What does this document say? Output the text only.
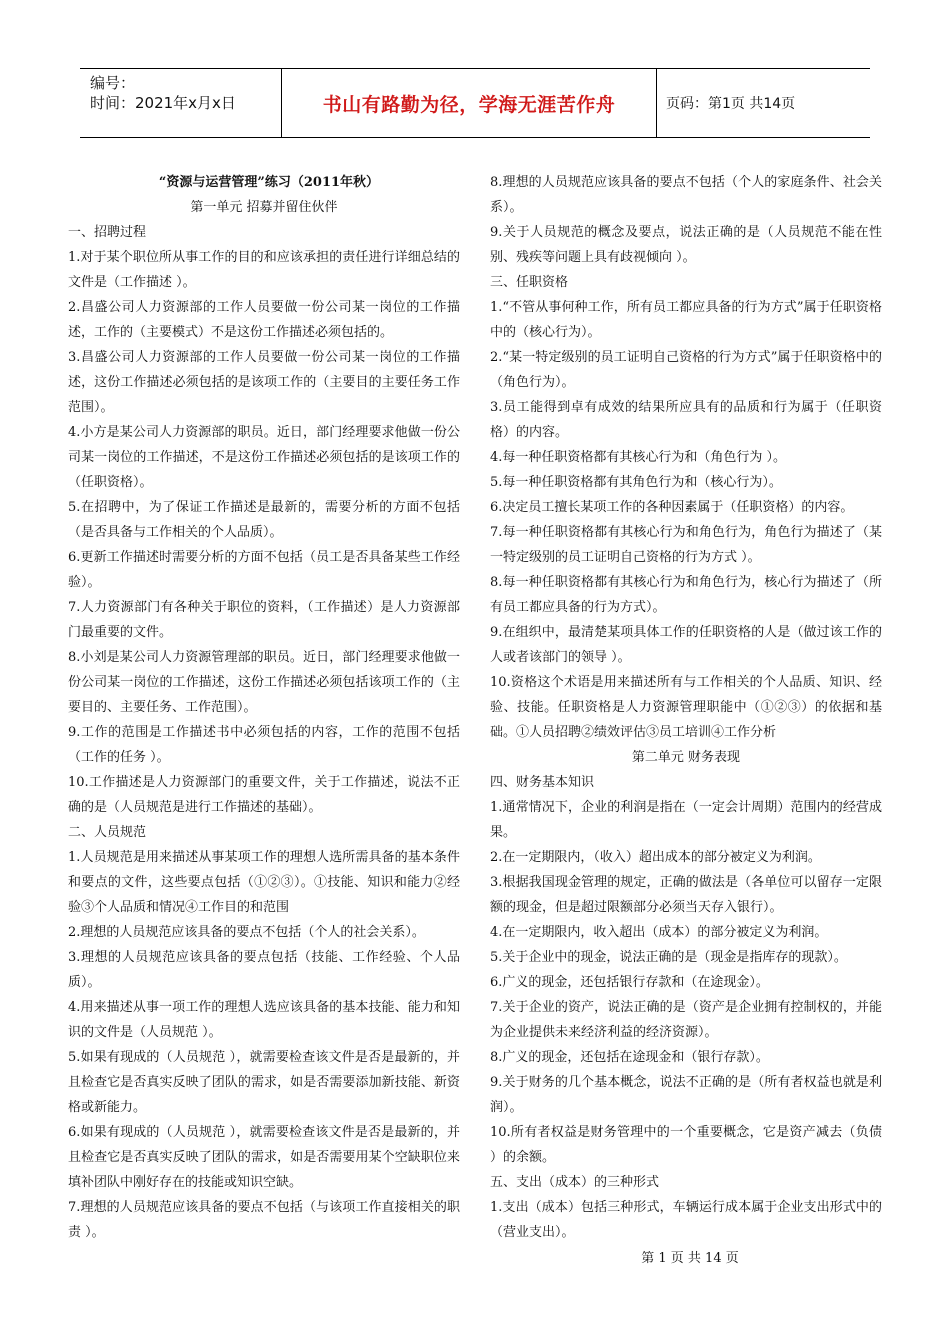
编号：
时间：2021年x月x日	书山有路勤为径，学海无涯苦作舟	页码：第1页 共14页

“资源与运营管理”练习（2011年秋）

第一单元 招募并留住伙伴

一、招聘过程

1.对于某个职位所从事工作的目的和应该承担的责任进行详细总结的文件是（工作描述 ）。

2.昌盛公司人力资源部的工作人员要做一份公司某一岗位的工作描述，工作的（主要模式）不是这份工作描述必须包括的。

3.昌盛公司人力资源部的工作人员要做一份公司某一岗位的工作描述，这份工作描述必须包括的是该项工作的（主要目的主要任务工作范围）。

4.小方是某公司人力资源部的职员。近日，部门经理要求他做一份公司某一岗位的工作描述，不是这份工作描述必须包括的是该项工作的（任职资格）。

5.在招聘中，为了保证工作描述是最新的，需要分析的方面不包括（是否具备与工作相关的个人品质）。

6.更新工作描述时需要分析的方面不包括（员工是否具备某些工作经验）。

7.人力资源部门有各种关于职位的资料，（工作描述）是人力资源部门最重要的文件。

8.小刘是某公司人力资源管理部的职员。近日，部门经理要求他做一份公司某一岗位的工作描述，这份工作描述必须包括该项工作的（主要目的、主要任务、工作范围）。

9.工作的范围是工作描述书中必须包括的内容，工作的范围不包括（工作的任务 ）。

10.工作描述是人力资源部门的重要文件，关于工作描述，说法不正确的是（人员规范是进行工作描述的基础）。

二、人员规范

1.人员规范是用来描述从事某项工作的理想人选所需具备的基本条件和要点的文件，这些要点包括（①②③）。①技能、知识和能力②经验③个人品质和情况④工作目的和范围

2.理想的人员规范应该具备的要点不包括（个人的社会关系）。

3.理想的人员规范应该具备的要点包括（技能、工作经验、个人品质）。

4.用来描述从事一项工作的理想人选应该具备的基本技能、能力和知识的文件是（人员规范 ）。

5.如果有现成的（人员规范 ），就需要检查该文件是否是最新的，并且检查它是否真实反映了团队的需求，如是否需要添加新技能、新资格或新能力。

6.如果有现成的（人员规范 ），就需要检查该文件是否是最新的，并且检查它是否真实反映了团队的需求，如是否需要用某个空缺职位来填补团队中刚好存在的技能或知识空缺。

7.理想的人员规范应该具备的要点不包括（与该项工作直接相关的职责 ）。

8.理想的人员规范应该具备的要点不包括（个人的家庭条件、社会关系）。

9.关于人员规范的概念及要点，说法正确的是（人员规范不能在性别、残疾等问题上具有歧视倾向 ）。

三、任职资格

1.“不管从事何种工作，所有员工都应具备的行为方式”属于任职资格中的（核心行为）。

2.“某一特定级别的员工证明自己资格的行为方式”属于任职资格中的（角色行为）。

3.员工能得到卓有成效的结果所应具有的品质和行为属于（任职资格）的内容。

4.每一种任职资格都有其核心行为和（角色行为 ）。

5.每一种任职资格都有其角色行为和（核心行为）。

6.决定员工擅长某项工作的各种因素属于（任职资格）的内容。

7.每一种任职资格都有其核心行为和角色行为，角色行为描述了（某一特定级别的员工证明自己资格的行为方式 ）。

8.每一种任职资格都有其核心行为和角色行为，核心行为描述了（所有员工都应具备的行为方式）。

9.在组织中，最清楚某项具体工作的任职资格的人是（做过该工作的人或者该部门的领导 ）。

10.资格这个术语是用来描述所有与工作相关的个人品质、知识、经验、技能。任职资格是人力资源管理职能中（①②③）的依据和基础。①人员招聘②绩效评估③员工培训④工作分析

第二单元 财务表现

四、财务基本知识

1.通常情况下，企业的利润是指在（一定会计周期）范围内的经营成果。

2.在一定期限内，（收入）超出成本的部分被定义为利润。

3.根据我国现金管理的规定，正确的做法是（各单位可以留存一定限额的现金，但是超过限额部分必须当天存入银行）。

4.在一定期限内，收入超出（成本）的部分被定义为利润。

5.关于企业中的现金，说法正确的是（现金是指库存的现款）。

6.广义的现金，还包括银行存款和（在途现金）。

7.关于企业的资产，说法正确的是（资产是企业拥有控制权的，并能为企业提供未来经济利益的经济资源）。

8.广义的现金，还包括在途现金和（银行存款）。

9.关于财务的几个基本概念，说法不正确的是（所有者权益也就是利润）。

10.所有者权益是财务管理中的一个重要概念，它是资产减去（负债 ）的余额。

五、支出（成本）的三种形式

1.支出（成本）包括三种形式，车辆运行成本属于企业支出形式中的（营业支出）。

第 1 页 共 14 页
